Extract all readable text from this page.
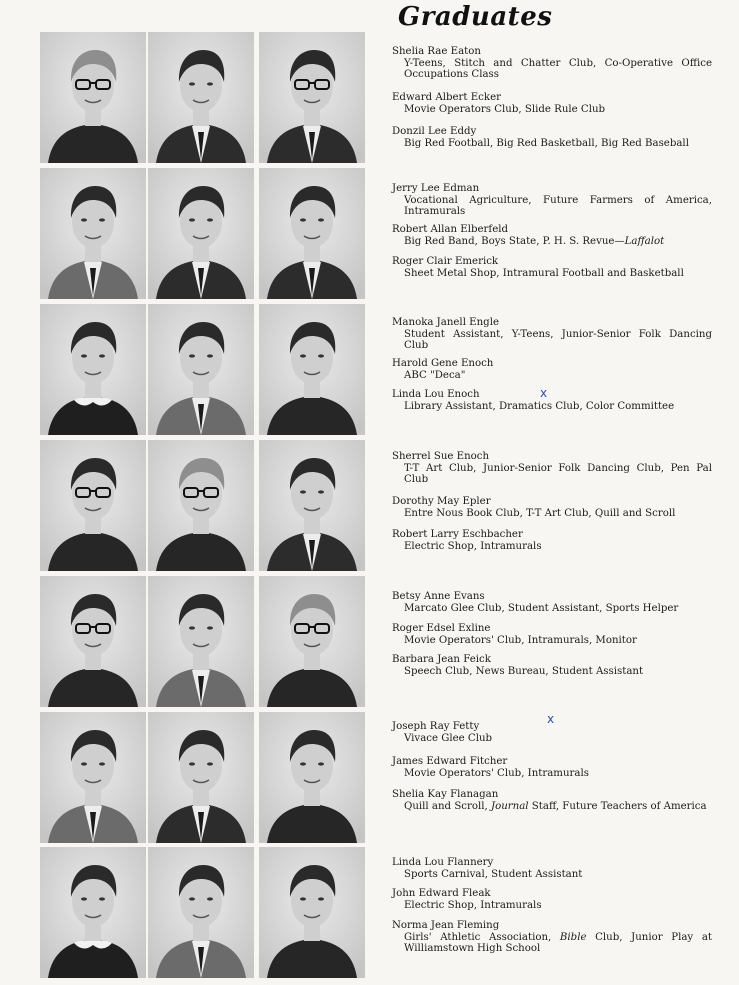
Graduates
Shelia Rae Eaton
Y-Teens, Stitch and Chatter Club, Co-Operative Office Occupations Class
Edward Albert Ecker
Movie Operators Club, Slide Rule Club
Donzil Lee Eddy
Big Red Football, Big Red Basketball, Big Red Baseball
Jerry Lee Edman
Vocational Agriculture, Future Farmers of America, Intramurals
Robert Allan Elberfeld
Big Red Band, Boys State, P. H. S. Revue—Laffalot
Roger Clair Emerick
Sheet Metal Shop, Intramural Football and Basketball
Manoka Janell Engle
Student Assistant, Y-Teens, Junior-Senior Folk Dancing Club
Harold Gene Enoch
ABC "Deca"
Linda Lou Enoch
Library Assistant, Dramatics Club, Color Committee
Sherrel Sue Enoch
T-T Art Club, Junior-Senior Folk Dancing Club, Pen Pal Club
Dorothy May Epler
Entre Nous Book Club, T-T Art Club, Quill and Scroll
Robert Larry Eschbacher
Electric Shop, Intramurals
Betsy Anne Evans
Marcato Glee Club, Student Assistant, Sports Helper
Roger Edsel Exline
Movie Operators' Club, Intramurals, Monitor
Barbara Jean Feick
Speech Club, News Bureau, Student Assistant
Joseph Ray Fetty
Vivace Glee Club
James Edward Fitcher
Movie Operators' Club, Intramurals
Shelia Kay Flanagan
Quill and Scroll, Journal Staff, Future Teachers of America
Linda Lou Flannery
Sports Carnival, Student Assistant
John Edward Fleak
Electric Shop, Intramurals
Norma Jean Fleming
Girls' Athletic Association, Bible Club, Junior Play at Williamstown High School
x
x
